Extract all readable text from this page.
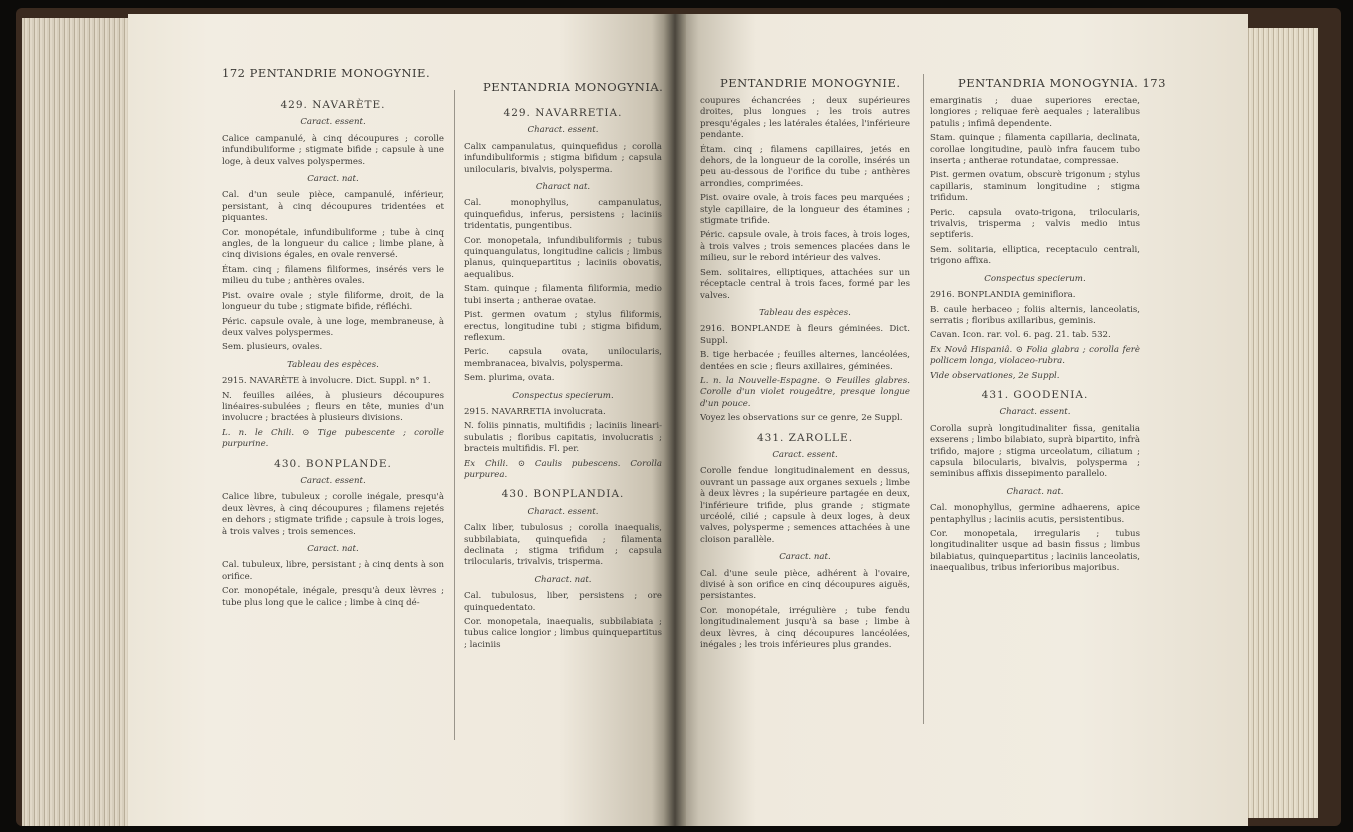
172 PENTANDRIE MONOGYNIE.
PENTANDRIA MONOGYNIA.

429. NAVARÈTE.

Caract. essent.

Calice campanulé, à cinq découpures ; corolle infundibuliforme ; stigmate bifide ; capsule à une loge, à deux valves polyspermes.

Caract. nat.

Cal. d'un seule pièce, campanulé, inférieur, persistant, à cinq découpures tridentées et piquantes.

Cor. monopétale, infundibuliforme ; tube à cinq angles, de la longueur du calice ; limbe plane, à cinq divisions égales, en ovale renversé.

Étam. cinq ; filamens filiformes, insérés vers le milieu du tube ; anthères ovales.

Pist. ovaire ovale ; style filiforme, droit, de la longueur du tube ; stigmate bifide, réfléchi.

Péric. capsule ovale, à une loge, membraneuse, à deux valves polyspermes.

Sem. plusieurs, ovales.

Tableau des espèces.

2915. NAVARÈTE à involucre. Dict. Suppl. n° 1.

N. feuilles ailées, à plusieurs découpures linéaires-subulées ; fleurs en tête, munies d'un involucre ; bractées à plusieurs divisions.

L. n. le Chili. ⊙ Tige pubescente ; corolle purpurine.

430. BONPLANDE.

Caract. essent.

Calice libre, tubuleux ; corolle inégale, presqu'à deux lèvres, à cinq découpures ; filamens rejetés en dehors ; stigmate trifide ; capsule à trois loges, à trois valves ; trois semences.

Caract. nat.

Cal. tubuleux, libre, persistant ; à cinq dents à son orifice.

Cor. monopétale, inégale, presqu'à deux lèvres ; tube plus long que le calice ; limbe à cinq dé-

429. NAVARRETIA.

Charact. essent.

Calix campanulatus, quinquefidus ; corolla infundibuliformis ; stigma bifidum ; capsula unilocularis, bivalvis, polysperma.

Charact nat.

Cal. monophyllus, campanulatus, quinquefidus, inferus, persistens ; laciniis tridentatis, pungentibus.

Cor. monopetala, infundibuliformis ; tubus quinquangulatus, longitudine calicis ; limbus planus, quinquepartitus ; laciniis obovatis, aequalibus.

Stam. quinque ; filamenta filiformia, medio tubi inserta ; antherae ovatae.

Pist. germen ovatum ; stylus filiformis, erectus, longitudine tubi ; stigma bifidum, reflexum.

Peric. capsula ovata, unilocularis, membranacea, bivalvis, polysperma.

Sem. plurima, ovata.

Conspectus specierum.

2915. NAVARRETIA involucrata.

N. foliis pinnatis, multifidis ; laciniis lineari-subulatis ; floribus capitatis, involucratis ; bracteis multifidis. Fl. per.

Ex Chili. ⊙ Caulis pubescens. Corolla purpurea.

430. BONPLANDIA.

Charact. essent.

Calix liber, tubulosus ; corolla inaequalis, subbilabiata, quinquefida ; filamenta declinata ; stigma trifidum ; capsula trilocularis, trivalvis, trisperma.

Charact. nat.

Cal. tubulosus, liber, persistens ; ore quinquedentato.

Cor. monopetala, inaequalis, subbilabiata ; tubus calice longior ; limbus quinquepartitus ; laciniis

PENTANDRIE MONOGYNIE.	PENTANDRIA MONOGYNIA. 173

coupures échancrées ; deux supérieures droites, plus longues ; les trois autres presqu'égales ; les latérales étalées, l'inférieure pendante.

Étam. cinq ; filamens capillaires, jetés en dehors, de la longueur de la corolle, insérés un peu au-dessous de l'orifice du tube ; anthères arrondies, comprimées.

Pist. ovaire ovale, à trois faces peu marquées ; style capillaire, de la longueur des étamines ; stigmate trifide.

Péric. capsule ovale, à trois faces, à trois loges, à trois valves ; trois semences placées dans le milieu, sur le rebord intérieur des valves.

Sem. solitaires, elliptiques, attachées sur un réceptacle central à trois faces, formé par les valves.

Tableau des espèces.

2916. BONPLANDE à fleurs géminées. Dict. Suppl.

B. tige herbacée ; feuilles alternes, lancéolées, dentées en scie ; fleurs axillaires, géminées.

L. n. la Nouvelle-Espagne. ⊙ Feuilles glabres. Corolle d'un violet rougeâtre, presque longue d'un pouce.

Voyez les observations sur ce genre, 2e Suppl.

431. ZAROLLE.

Caract. essent.

Corolle fendue longitudinalement en dessus, ouvrant un passage aux organes sexuels ; limbe à deux lèvres ; la supérieure partagée en deux, l'inférieure trifide, plus grande ; stigmate urcéolé, cilié ; capsule à deux loges, à deux valves, polysperme ; semences attachées à une cloison parallèle.

Caract. nat.

Cal. d'une seule pièce, adhérent à l'ovaire, divisé à son orifice en cinq découpures aiguës, persistantes.

Cor. monopétale, irrégulière ; tube fendu longitudinalement jusqu'à sa base ; limbe à deux lèvres, à cinq découpures lancéolées, inégales ; les trois inférieures plus grandes.

emarginatis ; duae superiores erectae, longiores ; reliquae ferè aequales ; lateralibus patulis ; infimâ dependente.

Stam. quinque ; filamenta capillaria, declinata, corollae longitudine, paulò infra faucem tubo inserta ; antherae rotundatae, compressae.

Pist. germen ovatum, obscurè trigonum ; stylus capillaris, staminum longitudine ; stigma trifidum.

Peric. capsula ovato-trigona, trilocularis, trivalvis, trisperma ; valvis medio intus septiferis.

Sem. solitaria, elliptica, receptaculo centrali, trigono affixa.

Conspectus specierum.

2916. BONPLANDIA geminiflora.

B. caule herbaceo ; foliis alternis, lanceolatis, serratis ; floribus axillaribus, geminis.

Cavan. Icon. rar. vol. 6. pag. 21. tab. 532.

Ex Novâ Hispaniâ. ⊙ Folia glabra ; corolla ferè pollicem longa, violaceo-rubra.

Vide observationes, 2e Suppl.

431. GOODENIA.

Charact. essent.

Corolla suprà longitudinaliter fissa, genitalia exserens ; limbo bilabiato, suprà bipartito, infrà trifido, majore ; stigma urceolatum, ciliatum ; capsula bilocularis, bivalvis, polysperma ; seminibus affixis dissepimento parallelo.

Charact. nat.

Cal. monophyllus, germine adhaerens, apice pentaphyllus ; laciniis acutis, persistentibus.

Cor. monopetala, irregularis ; tubus longitudinaliter usque ad basin fissus ; limbus bilabiatus, quinquepartitus ; laciniis lanceolatis, inaequalibus, tribus inferioribus majoribus.
